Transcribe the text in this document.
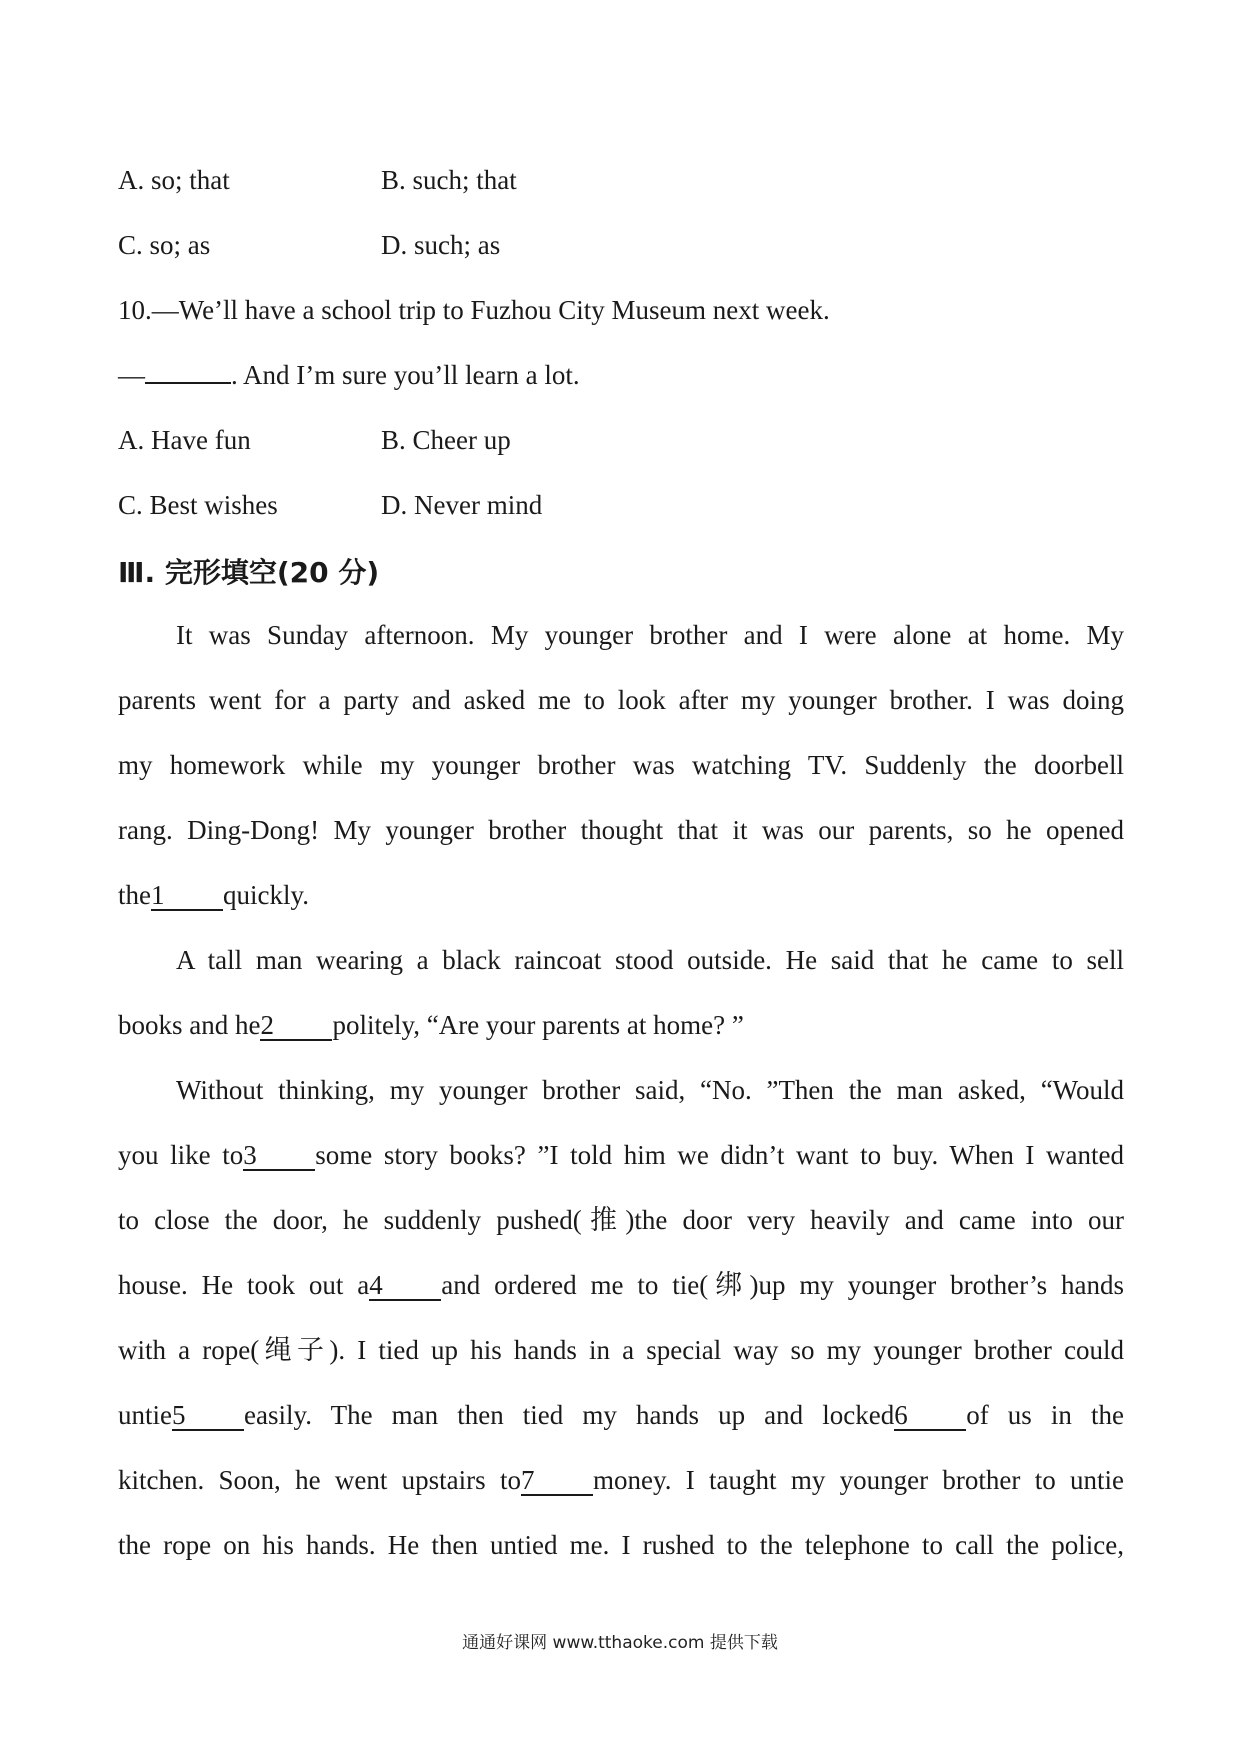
A. so; that	B. such; that
C. so; as	D. such; as
10.—We’ll have a school trip to Fuzhou City Museum next week.
—	. And I’m sure you’ll learn a lot.
A. Have fun	B. Cheer up
C. Best wishes	D. Never mind
Ⅲ. 完形填空(20 分)
It was Sunday afternoon. My younger brother and I were alone at home. My
parents went for a party and asked me to look after my younger brother. I was doing
my homework while my younger brother was watching TV. Suddenly the doorbell
rang. Ding-Dong! My younger brother thought that it was our parents, so he opened
the1 quickly.
A tall man wearing a black raincoat stood outside. He said that he came to sell
books and he2 politely, “Are your parents at home? ”
Without thinking, my younger brother said, “No. ”Then the man asked, “Would
you like to3 some story books? ”I told him we didn’t want to buy. When I wanted
to close the door, he suddenly pushed(推)the door very heavily and came into our
house. He took out a4 and ordered me to tie(绑)up my younger brother’s hands
with a rope(绳子). I tied up his hands in a special way so my younger brother could
untie5 easily. The man then tied my hands up and locked6 of us in the
kitchen. Soon, he went upstairs to7 money. I taught my younger brother to untie
the rope on his hands. He then untied me. I rushed to the telephone to call the police,
通通好课网 www.tthaoke.com 提供下载
